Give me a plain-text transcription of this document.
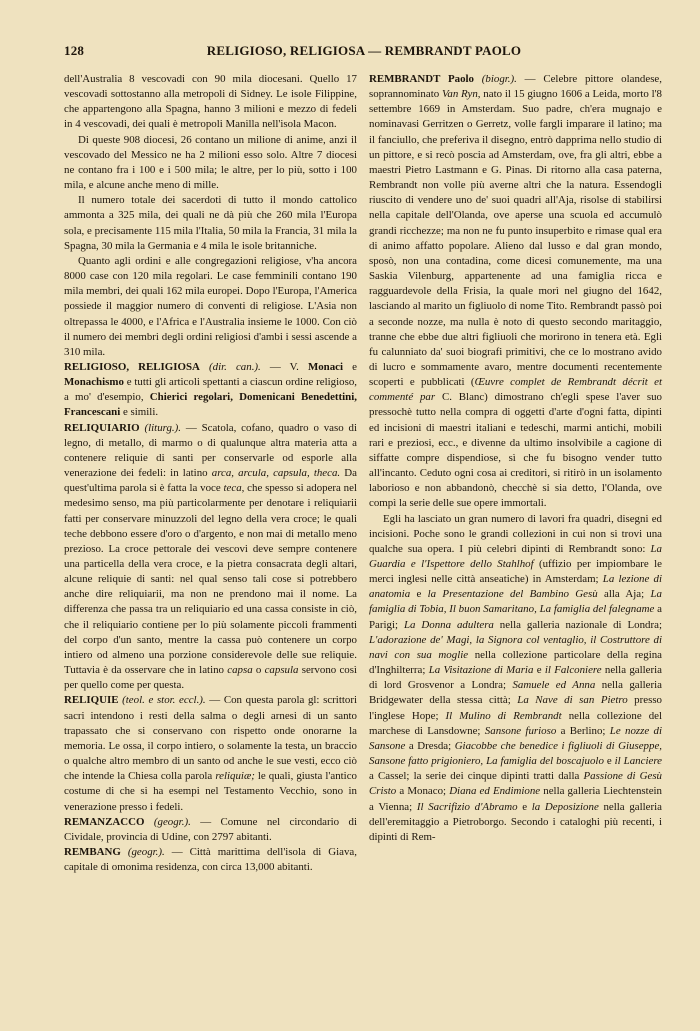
128	RELIGIOSO, RELIGIOSA — REMBRANDT PAOLO

dell'Australia 8 vescovadi con 90 mila diocesani. Quello 17 vescovadi sottostanno alla metropoli di Sidney. Le isole Filippine, che appartengono alla Spagna, hanno 3 milioni e mezzo di fedeli in 4 vescovadi, dei quali è metropoli Manilla nell'isola Macon.

Di queste 908 diocesi, 26 contano un milione di anime, anzi il vescovado del Messico ne ha 2 milioni esso solo. Altre 7 diocesi ne contano fra i 100 e i 500 mila; le altre, per lo più, sotto i 100 mila, e alcune anche meno di mille.

Il numero totale dei sacerdoti di tutto il mondo cattolico ammonta a 325 mila, dei quali ne dà più che 260 mila l'Europa sola, e precisamente 115 mila l'Italia, 50 mila la Francia, 31 mila la Spagna, 30 mila la Germania e 4 mila le isole britanniche.

Quanto agli ordini e alle congregazioni religiose, v'ha ancora 8000 case con 120 mila regolari. Le case femminili contano 190 mila membri, dei quali 162 mila europei. Dopo l'Europa, l'America possiede il maggior numero di conventi di religiose. L'Asia non oltrepassa le 4000, e l'Africa e l'Australia insieme le 1000. Con ciò il numero dei membri degli ordini religiosi d'ambi i sessi ascende a 310 mila.

RELIGIOSO, RELIGIOSA (dir. can.). — V. Monaci e Monachismo e tutti gli articoli spettanti a ciascun ordine religioso, a mo' d'esempio, Chierici regolari, Domenicani Benedettini, Francescani e simili.

RELIQUIARIO (liturg.). — Scatola, cofano, quadro o vaso di legno, di metallo, di marmo o di qualunque altra materia atta a contenere reliquie di santi per conservarle od esporle alla venerazione dei fedeli: in latino arca, arcula, capsula, theca. Da quest'ultima parola si è fatta la voce teca, che spesso si adopera nel medesimo senso, ma più particolarmente per denotare i reliquiarii fatti per conservare minuzzoli del legno della vera croce; le quali teche debbono essere d'oro o d'argento, e non mai di metallo meno prezioso. La croce pettorale dei vescovi deve sempre contenere una particella della vera croce, e la pietra consacrata degli altari, alcune reliquie di santi: nel qual senso tali cose si potrebbero anche dire reliquiarii, ma non ne prendono mai il nome. La differenza che passa tra un reliquiario ed una cassa consiste in ciò, che il reliquiario contiene per lo più solamente piccoli frammenti del corpo d'un santo, mentre la cassa può contenere un corpo intiero od almeno una porzione considerevole delle sue reliquie. Tuttavia è da osservare che in latino capsa o capsula servono così per quello come per questa.

RELIQUIE (teol. e stor. eccl.). — Con questa parola gl: scrittori sacri intendono i resti della salma o degli arnesi di un santo trapassato che si conservano con rispetto onde onorarne la memoria. Le ossa, il corpo intiero, o solamente la testa, un braccio o qualche altro membro di un santo od anche le sue vesti, ecco ciò che intende la Chiesa colla parola reliquiæ; le quali, giusta l'antico costume di che si ha esempi nel Testamento Vecchio, sono in venerazione presso i fedeli.

REMANZACCO (geogr.). — Comune nel circondario di Cividale, provincia di Udine, con 2797 abitanti.

REMBANG (geogr.). — Città marittima dell'isola di Giava, capitale di omonima residenza, con circa 13,000 abitanti.

REMBRANDT Paolo (biogr.). — Celebre pittore olandese, soprannominato Van Ryn, nato il 15 giugno 1606 a Leida, morto l'8 settembre 1669 in Amsterdam. Suo padre, ch'era mugnajo e nominavasi Gerritzen o Gerretz, volle fargli imparare il latino; ma il fanciullo, che preferiva il disegno, entrò dapprima nello studio di un pittore, e si recò poscia ad Amsterdam, ove, fra gli altri, ebbe a maestri Pietro Lastmann e G. Pinas. Di ritorno alla casa paterna, Rembrandt non volle più averne altri che la natura. Essendogli riuscito di vendere uno de' suoi quadri all'Aja, risolse di stabilirsi nella capitale dell'Olanda, ove aperse una scuola ed accumulò grandi ricchezze; ma non ne fu punto insuperbito e rimase qual era di animo affatto popolare. Alieno dal lusso e dal gran mondo, sposò, non una contadina, come dicesi comunemente, ma una Saskia Vilenburg, appartenente ad una famiglia ricca e ragguardevole della Frisia, la quale morì nel giugno del 1642, lasciando al marito un figliuolo di nome Tito. Rembrandt passò poi a seconde nozze, ma nulla è noto di questo secondo maritaggio, tranne che ebbe due altri figliuoli che morirono in tenera età. Egli fu calunniato da' suoi biografi primitivi, che ce lo mostrano avido di lucro e sommamente avaro, mentre documenti recentemente scoperti e pubblicati (Œuvre complet de Rembrandt décrit et commenté par C. Blanc) dimostrano ch'egli spese l'aver suo pressochè tutto nella compra di oggetti d'arte d'ogni fatta, dipinti ed incisioni di maestri italiani e tedeschi, marmi antichi, mobili rari e preziosi, ecc., e divenne da ultimo insolvibile a cagione di siffatte compre dispendiose, sì che fu bisogno vender tutto all'incanto. Ceduto ogni cosa ai creditori, si ritirò in un isolamento laborioso e non abbandonò, checchè si sia detto, l'Olanda, ove compì la serie delle sue opere immortali.

Egli ha lasciato un gran numero di lavori fra quadri, disegni ed incisioni. Poche sono le grandi collezioni in cui non si trovi una qualche sua opera. I più celebri dipinti di Rembrandt sono: La Guardia e l'Ispettore dello Stahlhof (uffizio per impiombare le merci inglesi nelle città anseatiche) in Amsterdam; La lezione di anatomia e la Presentazione del Bambino Gesù alla Aja; La famiglia di Tobia, Il buon Samaritano, La famiglia del falegname a Parigi; La Donna adultera nella galleria nazionale di Londra; L'adorazione de' Magi, la Signora col ventaglio, il Costruttore di navi con sua moglie nella collezione particolare della regina d'Inghilterra; La Visitazione di Maria e il Falconiere nella galleria di lord Grosvenor a Londra; Samuele ed Anna nella galleria Bridgewater della stessa città; La Nave di san Pietro presso l'inglese Hope; Il Mulino di Rembrandt nella collezione del marchese di Lansdowne; Sansone furioso a Berlino; Le nozze di Sansone a Dresda; Giacobbe che benedice i figliuoli di Giuseppe, Sansone fatto prigioniero, La famiglia del boscajuolo e il Lanciere a Cassel; la serie dei cinque dipinti tratti dalla Passione di Gesù Cristo a Monaco; Diana ed Endimione nella galleria Liechtenstein a Vienna; Il Sacrifizio d'Abramo e la Deposizione nella galleria dell'eremitaggio a Pietroborgo. Secondo i cataloghi più recenti, i dipinti di Rem-
